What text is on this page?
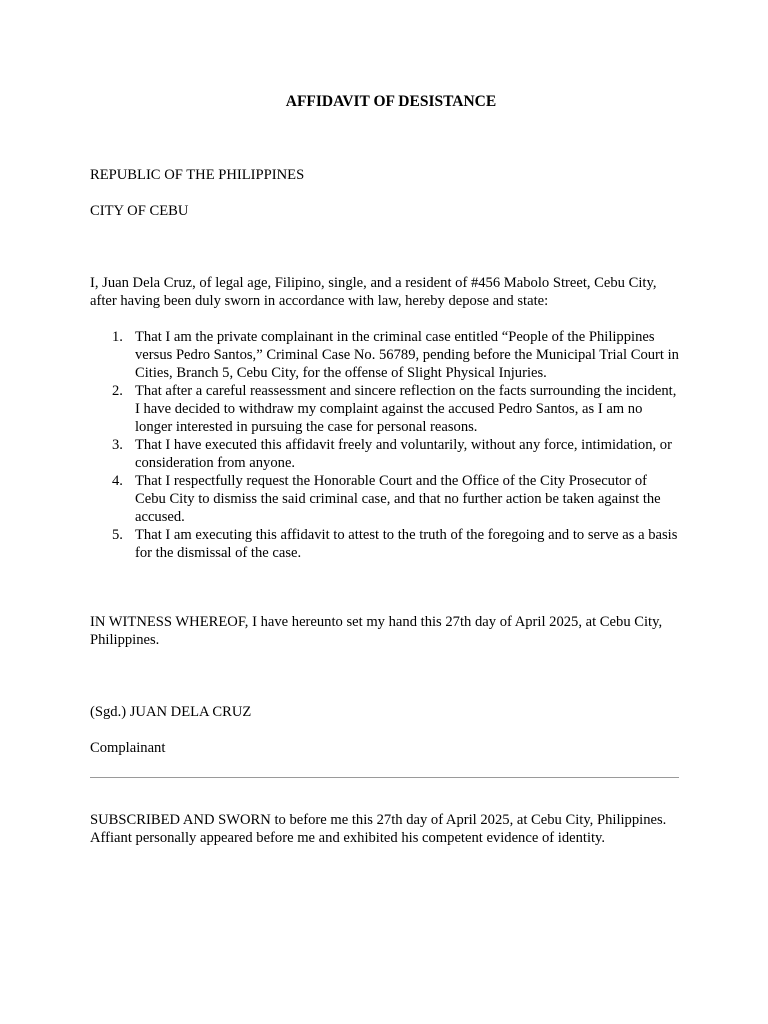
AFFIDAVIT OF DESISTANCE

REPUBLIC OF THE PHILIPPINES

CITY OF CEBU

I, Juan Dela Cruz, of legal age, Filipino, single, and a resident of #456 Mabolo Street, Cebu City, after having been duly sworn in accordance with law, hereby depose and state:

1. That I am the private complainant in the criminal case entitled “People of the Philippines versus Pedro Santos,” Criminal Case No. 56789, pending before the Municipal Trial Court in Cities, Branch 5, Cebu City, for the offense of Slight Physical Injuries.
2. That after a careful reassessment and sincere reflection on the facts surrounding the incident, I have decided to withdraw my complaint against the accused Pedro Santos, as I am no longer interested in pursuing the case for personal reasons.
3. That I have executed this affidavit freely and voluntarily, without any force, intimidation, or consideration from anyone.
4. That I respectfully request the Honorable Court and the Office of the City Prosecutor of Cebu City to dismiss the said criminal case, and that no further action be taken against the accused.
5. That I am executing this affidavit to attest to the truth of the foregoing and to serve as a basis for the dismissal of the case.

IN WITNESS WHEREOF, I have hereunto set my hand this 27th day of April 2025, at Cebu City, Philippines.

(Sgd.) JUAN DELA CRUZ

Complainant

SUBSCRIBED AND SWORN to before me this 27th day of April 2025, at Cebu City, Philippines. Affiant personally appeared before me and exhibited his competent evidence of identity.
